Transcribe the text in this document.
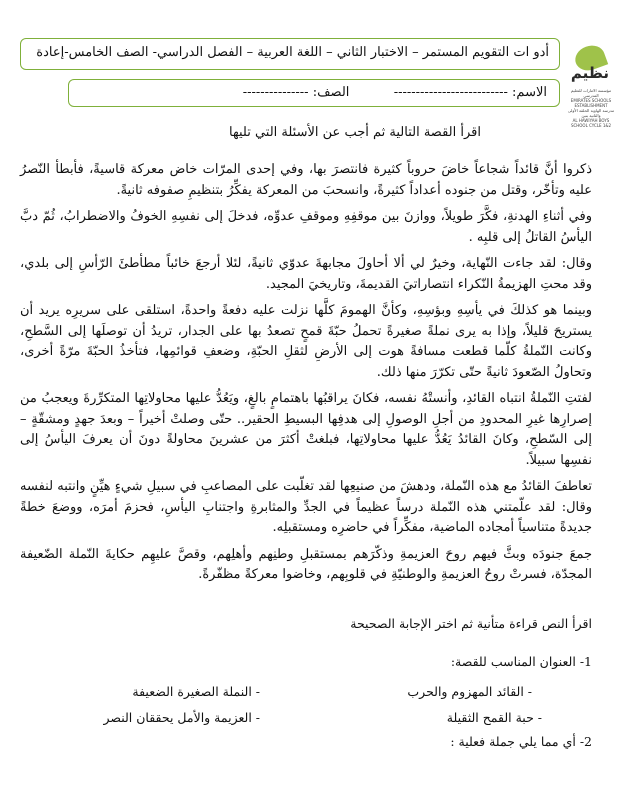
أدو ات التقويم المستمر – الاختبار الثاني – اللغة العربية – الفصل الدراسي- الصف الخامس-إعادة
الاسم: --------------------------  الصف: ---------------
نظيم
مؤسسة الامارات للتعليم المدرسي
EMIRATES SCHOOLS ESTABLISHMENT
مدرسة الهاوية الحلقة الأولى والثانية بنين
AL HAWIYAH BOYS SCHOOL CYCLE 1&2
اقرأ القصة التالية ثم أجب عن الأسئلة التي تليها

ذكروا أنَّ قائداً شجاعاً خاضَ حروباً كثيرة فانتصرَ بها، وفي إحدى المرّات خاض معركة قاسيةً، فأبطأ النّصرُ عليه وتأخّر، وقتل من جنوده أعداداً كثيرةً، وانسحبَ من المعركة يفكِّرُ بتنظيمِ صفوفه ثانيةً.

وفي أثناءِ الهدنةِ، فكَّرَ طويلاً، ووازنَ بين موقفِهِ وموقفِ عدوِّه، فدخلَ إلى نفسِهِ الخوفُ والاضطرابُ، ثُمّ دبَّ اليأسُ القاتلُ إلى قلبِه .

وقال: لقد جاءت النّهاية، وخيرٌ لي ألا أحاولَ مجابهةَ عدوّي ثانيةً، لئلا أرجعَ خائباً مطأطئَ الرّأسِ إلى بلدي، وقد محتِ الهزيمةُ النّكراء انتصاراتيَ القديمةَ، وتاريخيَ المجيد.

وبينما هو كذلكَ في يأسِهِ وبؤسِهِ، وكأنَّ الهمومَ كلَّها نزلت عليه دفعةً واحدةً، استلقى على سريرِه يريد أن يستريحَ قليلاً، وإذا به يرى نملةً صغيرةً تحملُ حبّةَ قمحٍ تصعدُ بها على الجدار، تريدُ أن توصلَها إلى السَّطحِ، وكانت النّملةُ كلّما قطعت مسافةً هوت إلى الأرضِ لثقلِ الحبّةِ، وضعفِ قوائمِها، فتأخذُ الحبّةَ مرّةً أخرى، وتحاولُ الصّعودَ ثانيةً حتّى تكرّرَ منها ذلك.

لفتتِ النّملةُ انتباه القائدِ، وأنستْهُ نفسه، فكانَ يراقبُها باهتمامٍ بالغٍ، ويَعُدُّ عليها محاولاتِها المتكرِّرةَ ويعجبُ من إصرارِها غيرِ المحدودِ من أجلِ الوصولِ إلى هدفِها البسيطِ الحقير.. حتّى وصلتْ أخيراً – وبعدَ جهدٍ ومشقّةٍ – إلى السّطحِ، وكانَ القائدُ يَعُدُّ عليها محاولاتِها، فبلغتْ أكثرَ من عشرينَ محاولةً دونَ أن يعرفَ اليأسُ إلى نفسِها سبيلاً.

تعاطفَ القائدُ مع هذه النّملة، ودهشَ من صنيعِها لقد تغلّبت على المصاعبِ في سبيلِ شيءٍ هيِّنٍ وانتبه لنفسه وقال: لقد علّمتني هذه النّملة درساً عظيماً في الجدِّ والمثابرةِ واجتنابِ اليأسِ، فحزمَ أمرَه، ووضعَ خطةً جديدةً متناسياً أمجاده الماضية، مفكِّراً في حاضرِه ومستقبلِه.

جمعَ جنودَه وبثَّ فيهم روحَ العزيمةِ وذكّرَهم بمستقبلِ وطنِهم وأهلِهم، وقصَّ عليهِم حكايةَ النّملة الضّعيفة المجدّة، فسرتْ روحُ العزيمةِ والوطنيّةِ في قلوبِهم، وخاضوا معركةً مظفّرةً.

اقرأ النص قراءة متأنية ثم اختر الإجابة الصحيحة
1- العنوان المناسب للقصة:
- القائد المهزوم والحرب
- النملة الصغيرة الضعيفة
- حبة القمح الثقيلة
- العزيمة والأمل يحققان النصر
2- أي مما يلي جملة فعلية :
